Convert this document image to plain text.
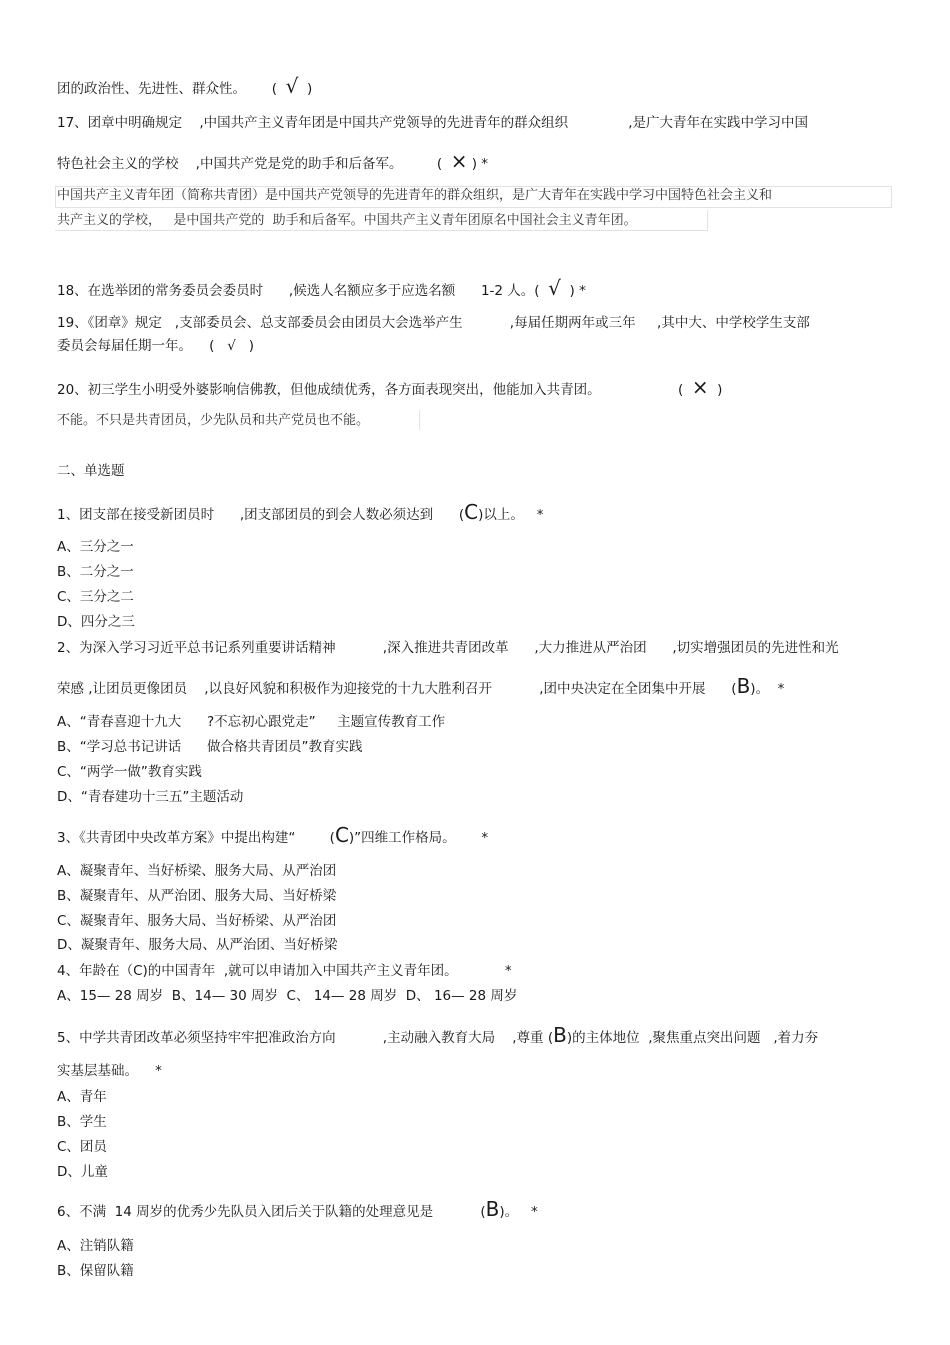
团的政治性、先进性、群众性。 ( √ )
17、团章中明确规定    ,中国共产主义青年团是中国共产党领导的先进青年的群众组织              ,是广大青年在实践中学习中国
特色社会主义的学校    ,中国共产党是党的助手和后备军。	( × ) *
中国共产主义青年团（简称共青团）是中国共产党领导的先进青年的群众组织，是广大青年在实践中学习中国特色社会主义和
共产主义的学校，   是中国共产党的  助手和后备军。中国共产主义青年团原名中国社会主义青年团。
18、在选举团的常务委员会委员时      ,候选人名额应多于应选名额      1-2 人。( √ ) *
19、《团章》规定   ,支部委员会、总支部委员会由团员大会选举产生           ,每届任期两年或三年     ,其中大、中学校学生支部
委员会每届任期一年。    (   √   )
20、初三学生小明受外婆影响信佛教，但他成绩优秀，各方面表现突出，他能加入共青团。	( × )
不能。不只是共青团员，少先队员和共产党员也不能。
二、单选题
1、团支部在接受新团员时      ,团支部团员的到会人数必须达到      (C)以上。   *
A、三分之一
B、二分之一
C、三分之二
D、四分之三
2、为深入学习习近平总书记系列重要讲话精神           ,深入推进共青团改革      ,大力推进从严治团      ,切实增强团员的先进性和光
荣感 ,让团员更像团员    ,以良好风貌和积极作为迎接党的十九大胜利召开           ,团中央决定在全团集中开展      (B)。  *
A、“青春喜迎十九大      ?不忘初心跟党走”     主题宣传教育工作
B、“学习总书记讲话      做合格共青团员”教育实践
C、“两学一做”教育实践
D、“青春建功十三五”主题活动
3、《共青团中央改革方案》中提出构建“        (C)”四维工作格局。      *
A、凝聚青年、当好桥梁、服务大局、从严治团
B、凝聚青年、从严治团、服务大局、当好桥梁
C、凝聚青年、服务大局、当好桥梁、从严治团
D、凝聚青年、服务大局、从严治团、当好桥梁
4、年龄在（C)的中国青年  ,就可以申请加入中国共产主义青年团。           *
A、15— 28 周岁  B、14— 30 周岁  C、 14— 28 周岁  D、 16— 28 周岁
5、中学共青团改革必须坚持牢牢把准政治方向           ,主动融入教育大局    ,尊重 (B)的主体地位  ,聚焦重点突出问题   ,着力夯
实基层基础。    *
A、青年
B、学生
C、团员
D、儿童
6、不满  14 周岁的优秀少先队员入团后关于队籍的处理意见是           (B)。   *
A、注销队籍
B、保留队籍
